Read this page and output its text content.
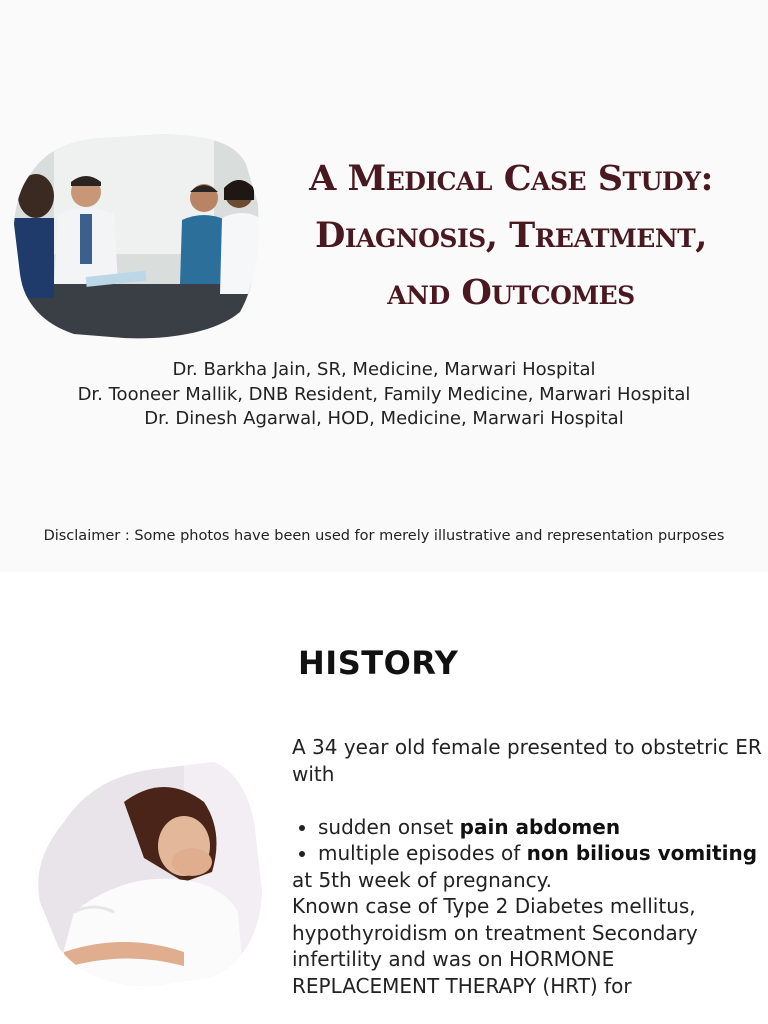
A Medical Case Study:
Diagnosis, Treatment,
and Outcomes
Dr. Barkha Jain, SR, Medicine, Marwari Hospital
Dr. Tooneer Mallik, DNB Resident, Family Medicine, Marwari Hospital
Dr. Dinesh Agarwal, HOD, Medicine, Marwari Hospital
Disclaimer : Some photos have been used for merely illustrative and representation purposes
HISTORY

A 34 year old female presented to obstetric ER with

• sudden onset pain abdomen
• multiple episodes of non bilious vomiting

at 5th week of pregnancy.

Known case of Type 2 Diabetes mellitus, hypothyroidism on treatment Secondary infertility and was on HORMONE REPLACEMENT THERAPY (HRT) for
